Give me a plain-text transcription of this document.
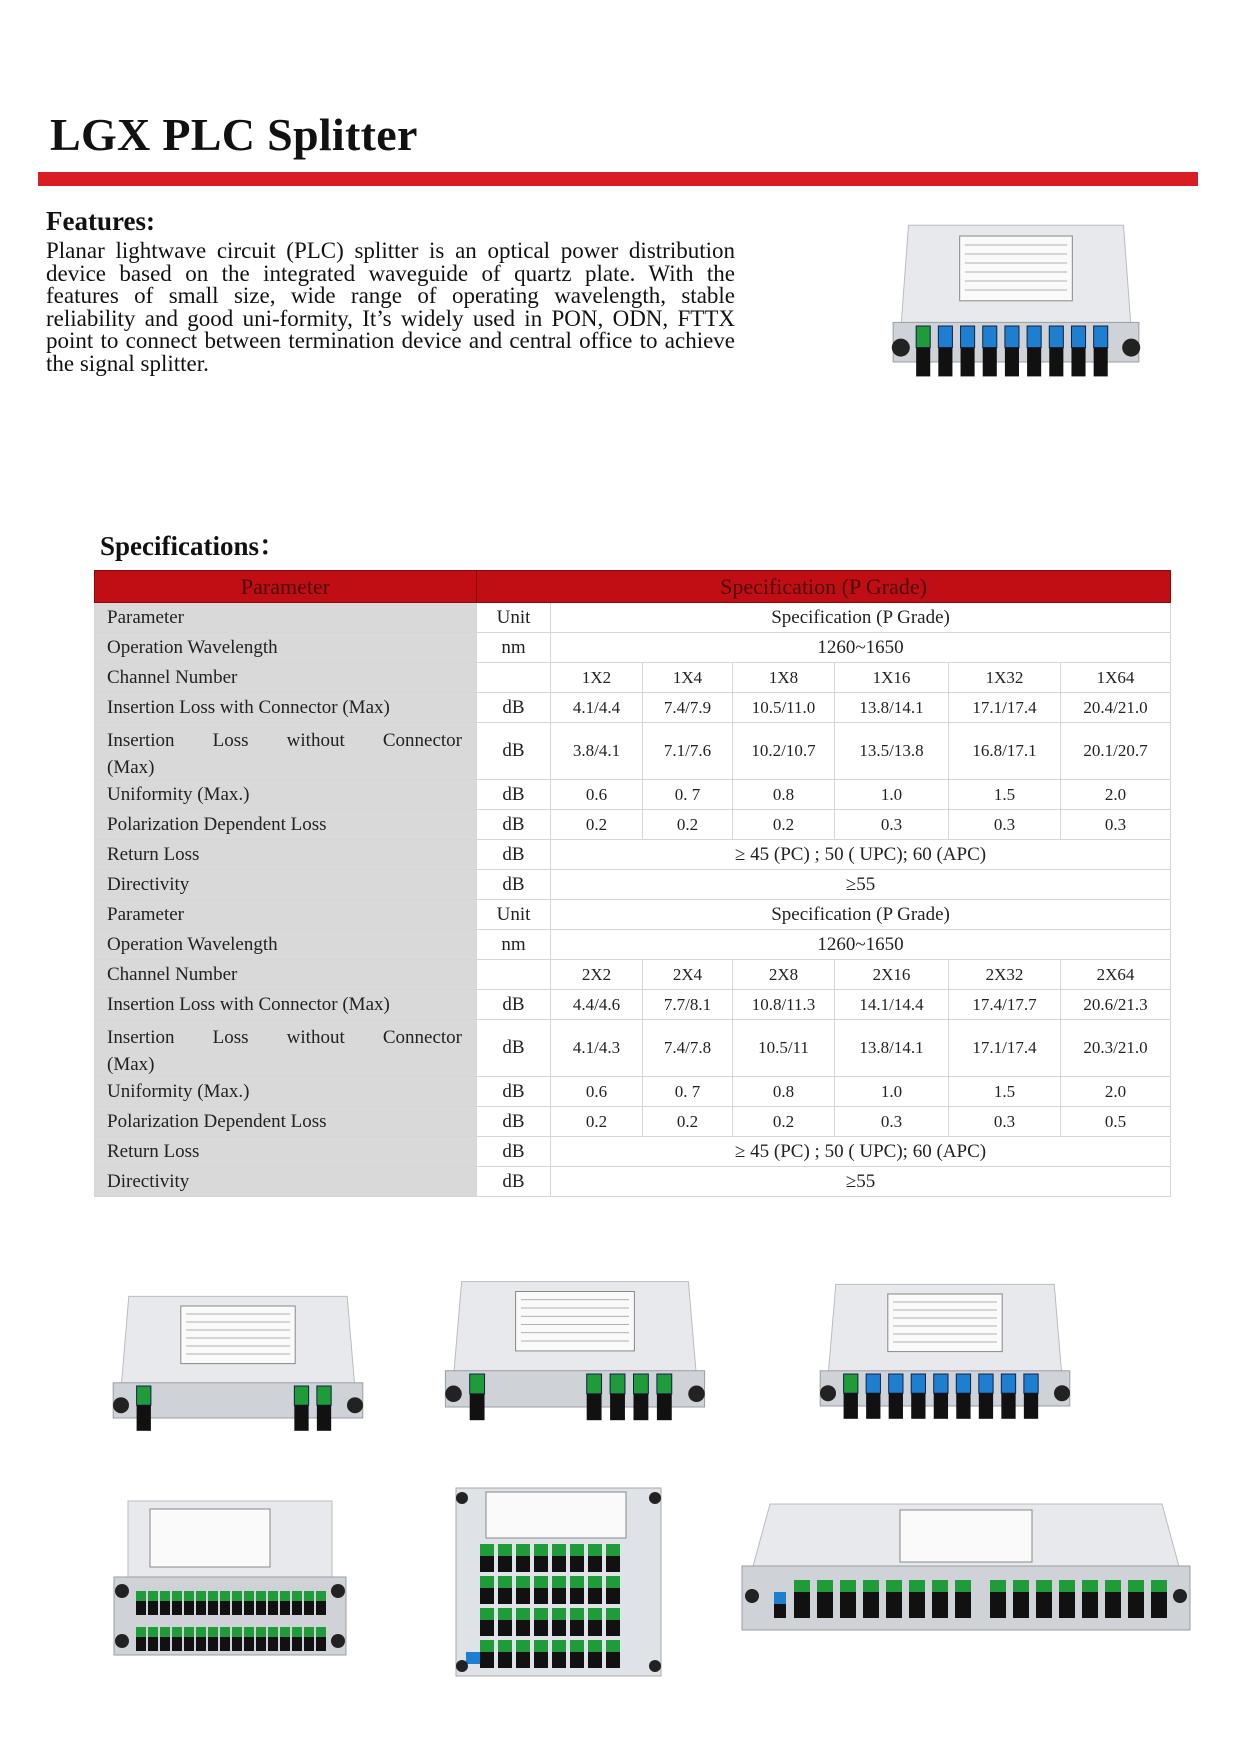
LGX PLC Splitter
Features:
Planar lightwave circuit (PLC) splitter is an optical power distribution device based on the integrated waveguide of quartz plate. With the features of small size, wide range of operating wavelength, stable reliability and good uni-formity, It’s widely used in PON, ODN, FTTX point to connect between termination device and central office to achieve the signal splitter.
Specifications：
Parameter	Specification (P Grade)						
Parameter	Unit	Specification (P Grade)					
Operation Wavelength	nm	1260~1650					
Channel Number		1X2	1X4	1X8	1X16	1X32	1X64
Insertion Loss with Connector (Max)	dB	4.1/4.4	7.4/7.9	10.5/11.0	13.8/14.1	17.1/17.4	20.4/21.0

Insertion Loss without Connector
(Max)	dB	3.8/4.1	7.1/7.6	10.2/10.7	13.5/13.8	16.8/17.1	20.1/20.7
Uniformity (Max.)	dB	0.6	0. 7	0.8	1.0	1.5	2.0
Polarization Dependent Loss	dB	0.2	0.2	0.2	0.3	0.3	0.3
Return Loss	dB	≥ 45 (PC) ; 50 ( UPC); 60 (APC)					
Directivity	dB	≥55					
Parameter	Unit	Specification (P Grade)					
Operation Wavelength	nm	1260~1650					
Channel Number		2X2	2X4	2X8	2X16	2X32	2X64
Insertion Loss with Connector (Max)	dB	4.4/4.6	7.7/8.1	10.8/11.3	14.1/14.4	17.4/17.7	20.6/21.3

Insertion Loss without Connector
(Max)	dB	4.1/4.3	7.4/7.8	10.5/11	13.8/14.1	17.1/17.4	20.3/21.0
Uniformity (Max.)	dB	0.6	0. 7	0.8	1.0	1.5	2.0
Polarization Dependent Loss	dB	0.2	0.2	0.2	0.3	0.3	0.5
Return Loss	dB	≥ 45 (PC) ; 50 ( UPC); 60 (APC)					
Directivity	dB	≥55					
